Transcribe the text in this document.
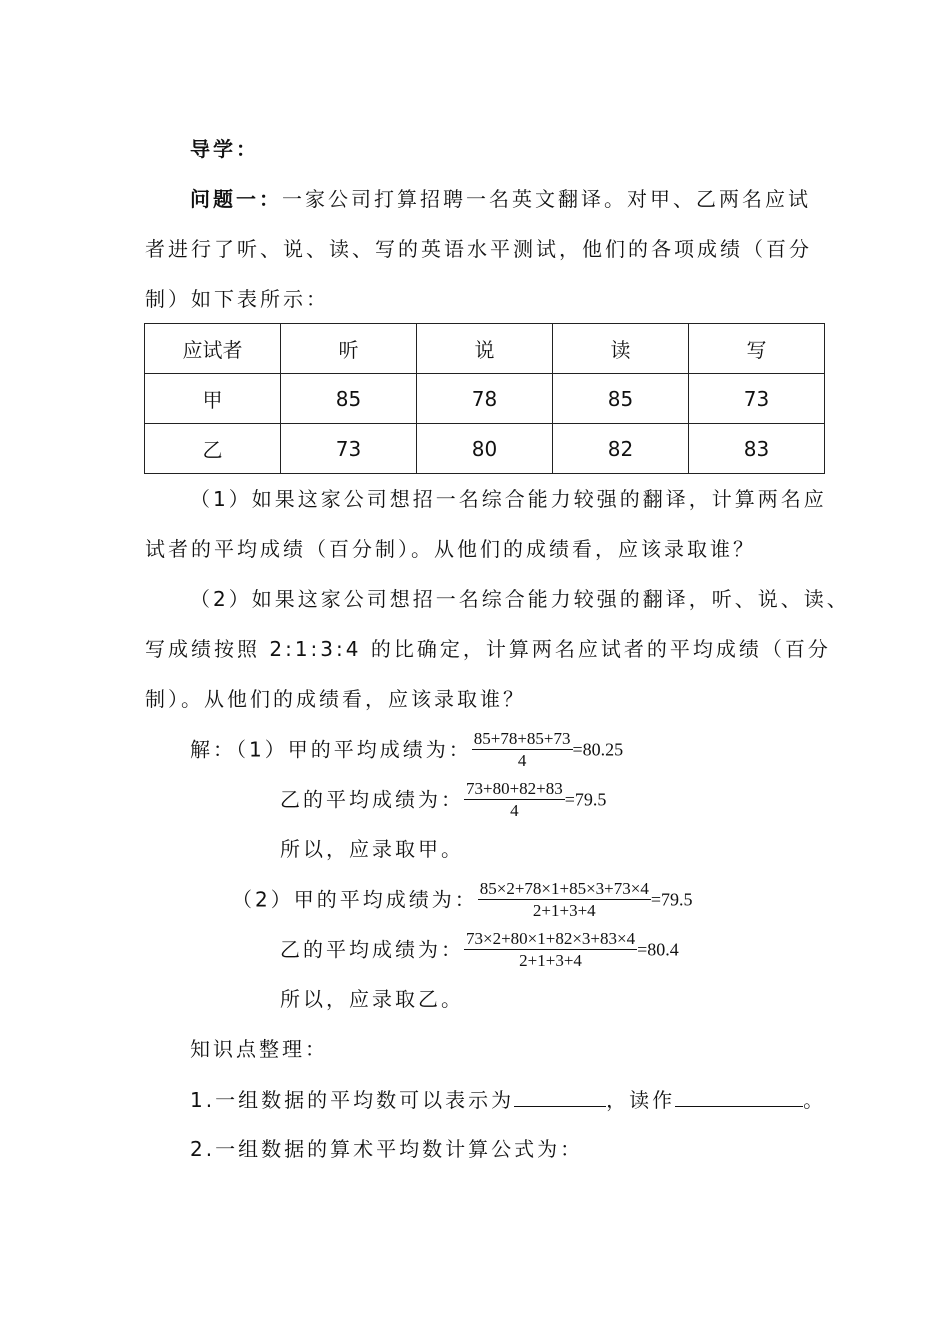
导学：
问题一：一家公司打算招聘一名英文翻译。对甲、乙两名应试
者进行了听、说、读、写的英语水平测试，他们的各项成绩（百分
制）如下表所示：
应试者	听	说	读	写
甲	85	78	85	73
乙	73	80	82	83
（1）如果这家公司想招一名综合能力较强的翻译，计算两名应
试者的平均成绩（百分制）。从他们的成绩看，应该录取谁？
（2）如果这家公司想招一名综合能力较强的翻译，听、说、读、
写成绩按照 2:1:3:4 的比确定，计算两名应试者的平均成绩（百分
制）。从他们的成绩看，应该录取谁？
解：（1）甲的平均成绩为： $\frac{85+78+85+73}{4} =80.25$
乙的平均成绩为： $\frac{73+80+82+83}{4} =79.5$
所以，应录取甲。
（2）甲的平均成绩为： $\frac{85\times 2+78\times 1+85\times 3+73\times 4}{2+1+3+4} =79.5$
乙的平均成绩为： $\frac{73\times 2+80\times 1+82\times 3+83\times 4}{2+1+3+4} =80.4$
所以，应录取乙。
知识点整理：
1.一组数据的平均数可以表示为	，读作	。
2.一组数据的算术平均数计算公式为：
